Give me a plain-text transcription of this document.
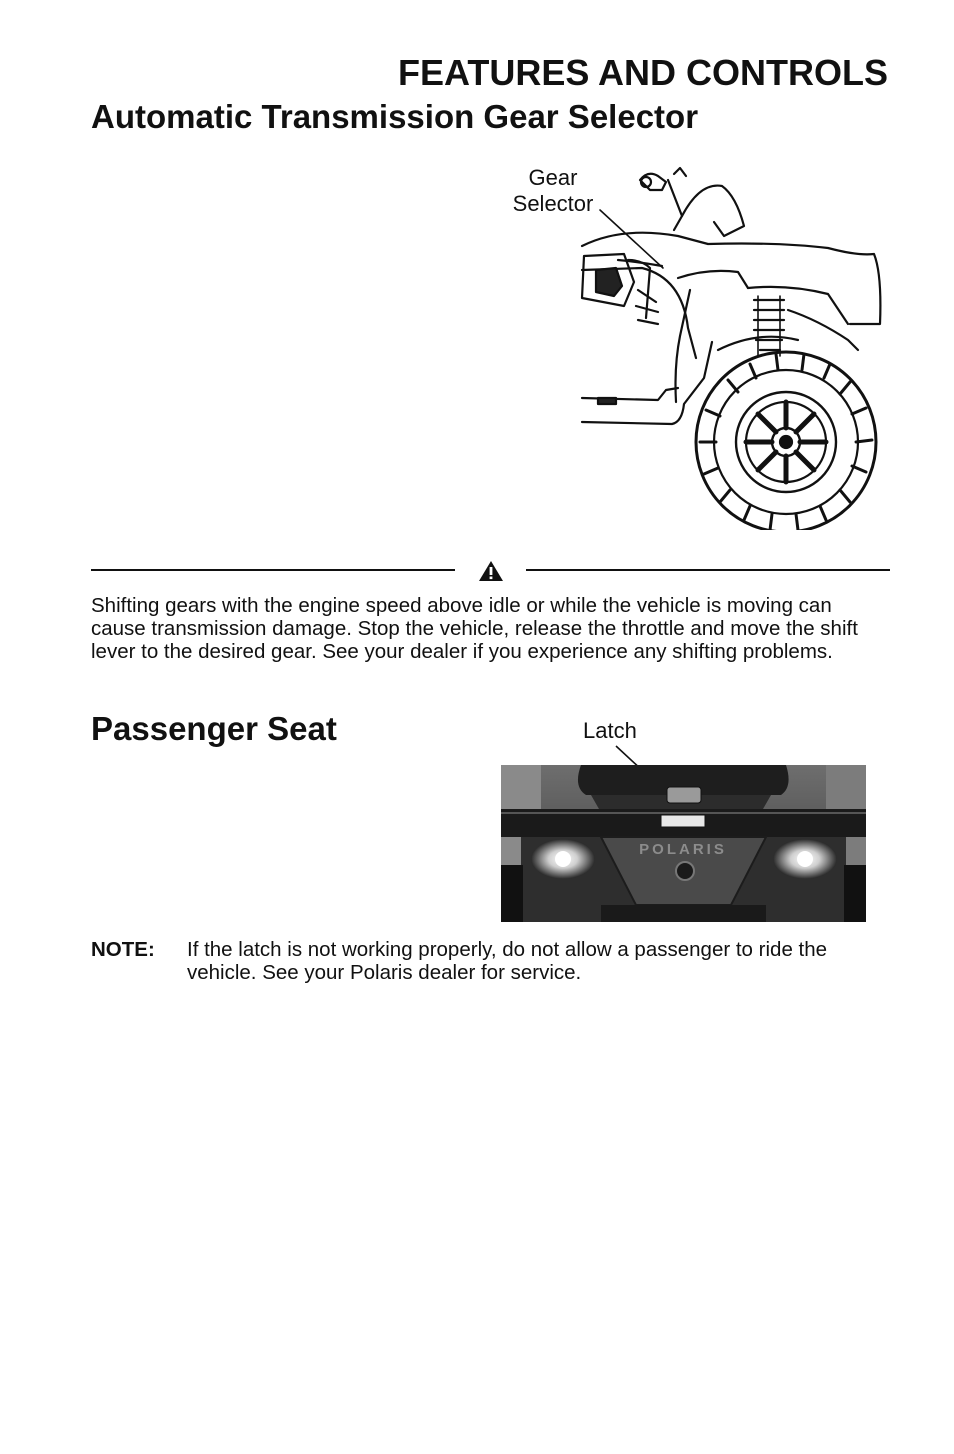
FEATURES AND CONTROLS
Automatic Transmission Gear Selector
Gear
Selector
Shifting gears with the engine speed above idle or while the vehicle is moving can cause transmission damage. Stop the vehicle, release the throttle and move the shift lever to the desired gear. See your dealer if you experience any shifting problems.
Passenger Seat	Latch
POLARIS
NOTE: If the latch is not working properly, do not allow a passenger to ride the vehicle. See your Polaris dealer for service.
